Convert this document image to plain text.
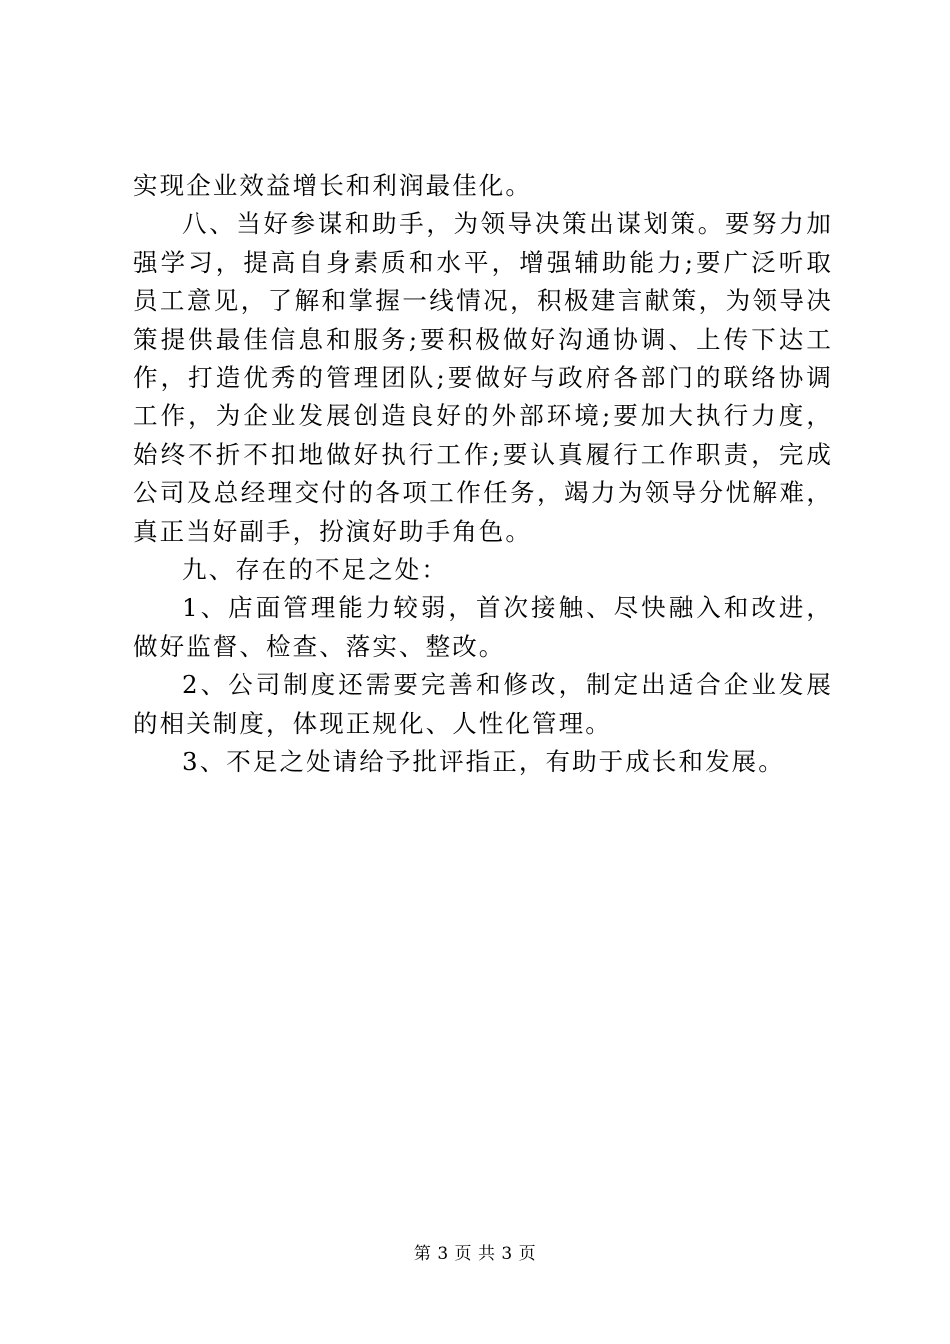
实现企业效益增长和利润最佳化。

八、当好参谋和助手，为领导决策出谋划策。要努力加强学习，提高自身素质和水平，增强辅助能力;要广泛听取员工意见，了解和掌握一线情况，积极建言献策，为领导决策提供最佳信息和服务;要积极做好沟通协调、上传下达工作，打造优秀的管理团队;要做好与政府各部门的联络协调工作，为企业发展创造良好的外部环境;要加大执行力度，始终不折不扣地做好执行工作;要认真履行工作职责，完成公司及总经理交付的各项工作任务，竭力为领导分忧解难，真正当好副手，扮演好助手角色。

九、存在的不足之处：

1、店面管理能力较弱，首次接触、尽快融入和改进，做好监督、检查、落实、整改。

2、公司制度还需要完善和修改，制定出适合企业发展的相关制度，体现正规化、人性化管理。

3、不足之处请给予批评指正，有助于成长和发展。

第 3 页 共 3 页
